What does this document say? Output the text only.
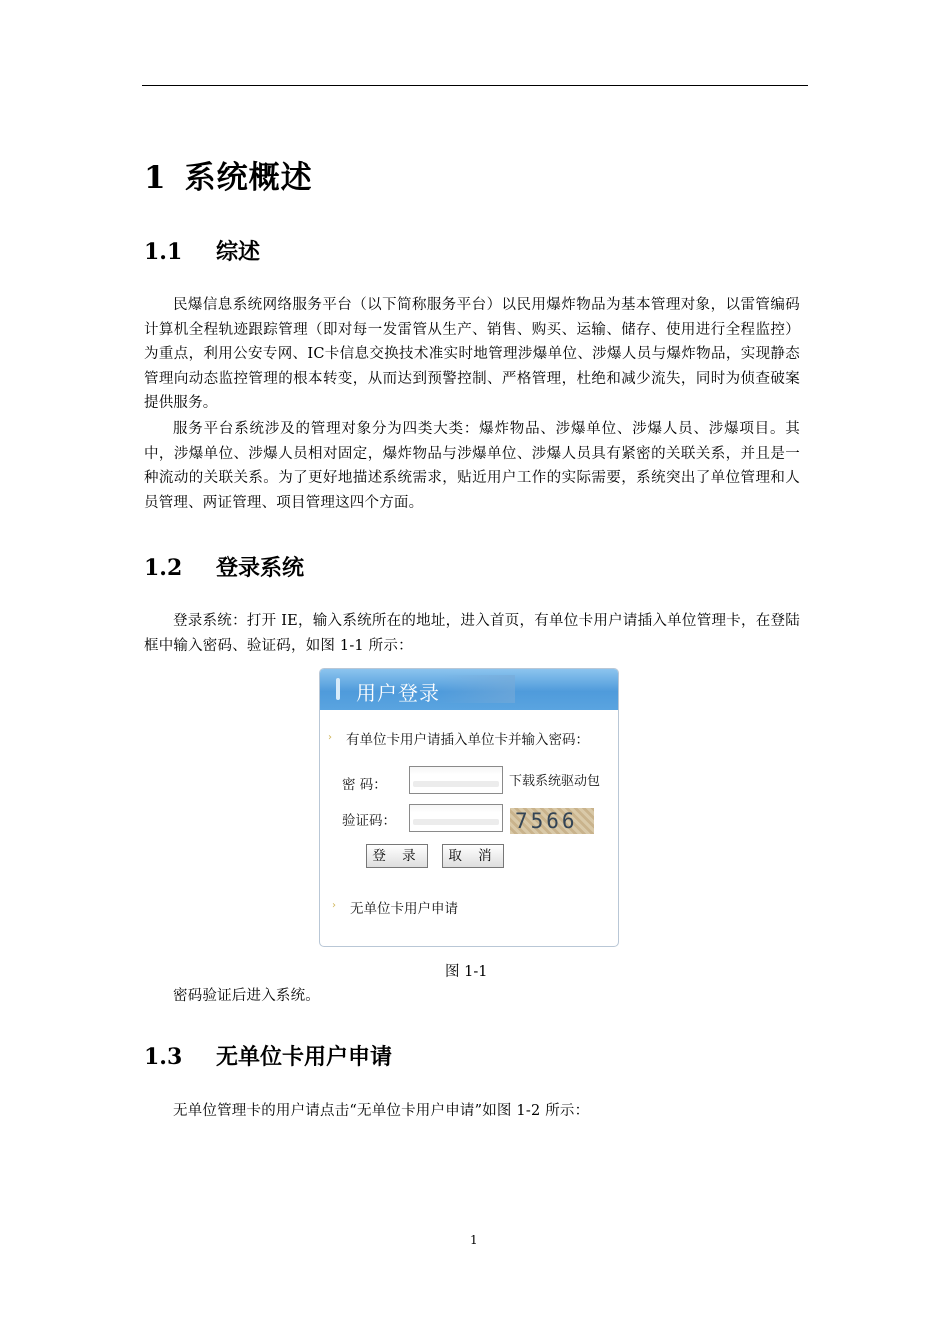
1 系统概述
1.1 综述
民爆信息系统网络服务平台（以下简称服务平台）以民用爆炸物品为基本管理对象，以雷管编码计算机全程轨迹跟踪管理（即对每一发雷管从生产、销售、购买、运输、储存、使用进行全程监控）为重点，利用公安专网、IC卡信息交换技术准实时地管理涉爆单位、涉爆人员与爆炸物品，实现静态管理向动态监控管理的根本转变，从而达到预警控制、严格管理，杜绝和减少流失，同时为侦查破案提供服务。
服务平台系统涉及的管理对象分为四类大类：爆炸物品、涉爆单位、涉爆人员、涉爆项目。其中，涉爆单位、涉爆人员相对固定，爆炸物品与涉爆单位、涉爆人员具有紧密的关联关系，并且是一种流动的关联关系。为了更好地描述系统需求，贴近用户工作的实际需要，系统突出了单位管理和人员管理、两证管理、项目管理这四个方面。
1.2 登录系统
登录系统：打开 IE，输入系统所在的地址，进入首页，有单位卡用户请插入单位管理卡，在登陆框中输入密码、验证码，如图 1-1 所示：
用户登录
› 有单位卡用户请插入单位卡并输入密码：
密 码：	下载系统驱动包
验证码：	7566
登 录	取 消
› 无单位卡用户申请
图 1-1
密码验证后进入系统。
1.3 无单位卡用户申请
无单位管理卡的用户请点击“无单位卡用户申请”如图 1-2 所示：
1
